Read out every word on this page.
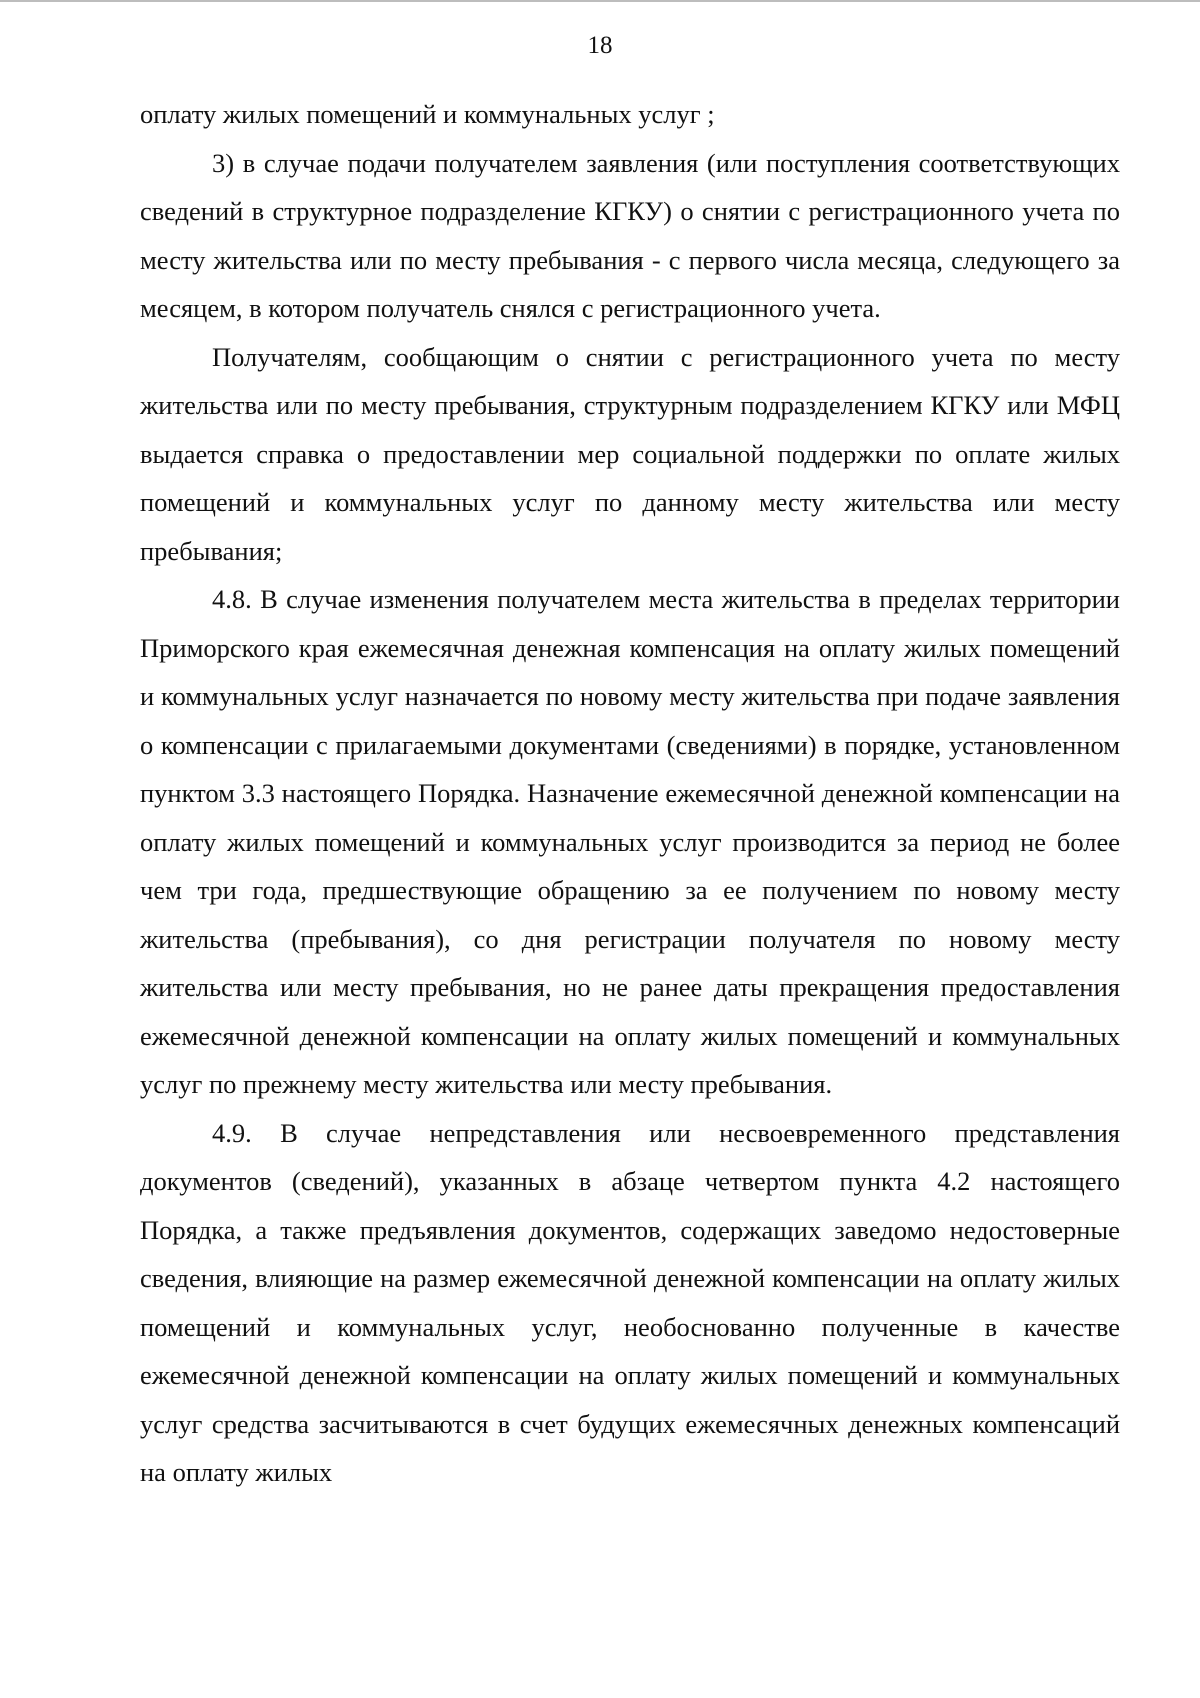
18

оплату жилых помещений и коммунальных услуг ;

3) в случае подачи получателем заявления (или поступления соответствующих сведений в структурное подразделение КГКУ) о снятии с регистрационного учета по месту жительства или по месту пребывания - с первого числа месяца, следующего за месяцем, в котором получатель снялся с регистрационного учета.

Получателям, сообщающим о снятии с регистрационного учета по месту жительства или по месту пребывания, структурным подразделением КГКУ или МФЦ выдается справка о предоставлении мер социальной поддержки по оплате жилых помещений и коммунальных услуг по данному месту жительства или месту пребывания;

4.8. В случае изменения получателем места жительства в пределах территории Приморского края ежемесячная денежная компенсация на оплату жилых помещений и коммунальных услуг назначается по новому месту жительства при подаче заявления о компенсации с прилагаемыми документами (сведениями) в порядке, установленном пунктом 3.3 настоящего Порядка. Назначение ежемесячной денежной компенсации на оплату жилых помещений и коммунальных услуг производится за период не более чем три года, предшествующие обращению за ее получением по новому месту жительства (пребывания), со дня регистрации получателя по новому месту жительства или месту пребывания, но не ранее даты прекращения предоставления ежемесячной денежной компенсации на оплату жилых помещений и коммунальных услуг по прежнему месту жительства или месту пребывания.

4.9. В случае непредставления или несвоевременного представления документов (сведений), указанных в абзаце четвертом пункта 4.2 настоящего Порядка, а также предъявления документов, содержащих заведомо недостоверные сведения, влияющие на размер ежемесячной денежной компенсации на оплату жилых помещений и коммунальных услуг, необоснованно полученные в качестве ежемесячной денежной компенсации на оплату жилых помещений и коммунальных услуг средства засчитываются в счет будущих ежемесячных денежных компенсаций на оплату жилых
